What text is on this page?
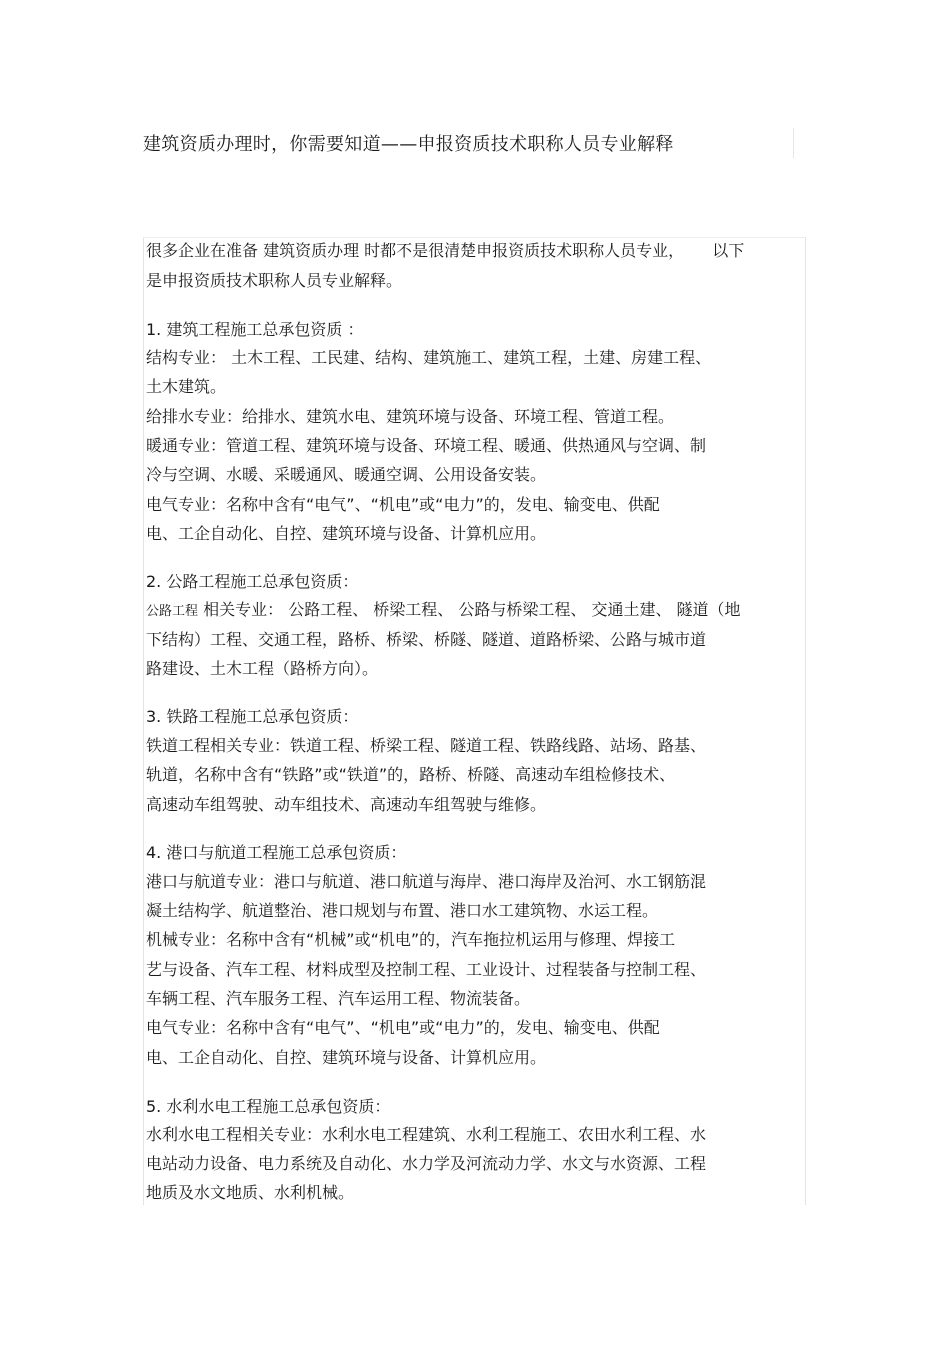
建筑资质办理时，你需要知道——申报资质技术职称人员专业解释
很多企业在准备 建筑资质办理 时都不是很清楚申报资质技术职称人员专业， 以下
是申报资质技术职称人员专业解释。
1. 建筑工程施工总承包资质 ：
结构专业： 土木工程、工民建、结构、建筑施工、建筑工程，土建、房建工程、
土木建筑。
给排水专业：给排水、建筑水电、建筑环境与设备、环境工程、管道工程。
暖通专业：管道工程、建筑环境与设备、环境工程、暖通、供热通风与空调、制
冷与空调、水暖、采暖通风、暖通空调、公用设备安装。
电气专业：名称中含有“电气”、“机电”或“电力”的，发电、输变电、供配
电、工企自动化、自控、建筑环境与设备、计算机应用。
2. 公路工程施工总承包资质：
公路工程 相关专业： 公路工程、 桥梁工程、 公路与桥梁工程、 交通土建、 隧道（地
下结构）工程、交通工程，路桥、桥梁、桥隧、隧道、道路桥梁、公路与城市道
路建设、土木工程（路桥方向）。
3. 铁路工程施工总承包资质：
铁道工程相关专业：铁道工程、桥梁工程、隧道工程、铁路线路、站场、路基、
轨道，名称中含有“铁路”或“铁道”的，路桥、桥隧、高速动车组检修技术、
高速动车组驾驶、动车组技术、高速动车组驾驶与维修。
4. 港口与航道工程施工总承包资质：
港口与航道专业：港口与航道、港口航道与海岸、港口海岸及治河、水工钢筋混
凝土结构学、航道整治、港口规划与布置、港口水工建筑物、水运工程。
机械专业：名称中含有“机械”或“机电”的，汽车拖拉机运用与修理、焊接工
艺与设备、汽车工程、材料成型及控制工程、工业设计、过程装备与控制工程、
车辆工程、汽车服务工程、汽车运用工程、物流装备。
电气专业：名称中含有“电气”、“机电”或“电力”的，发电、输变电、供配
电、工企自动化、自控、建筑环境与设备、计算机应用。
5. 水利水电工程施工总承包资质：
水利水电工程相关专业：水利水电工程建筑、水利工程施工、农田水利工程、水
电站动力设备、电力系统及自动化、水力学及河流动力学、水文与水资源、工程
地质及水文地质、水利机械。
